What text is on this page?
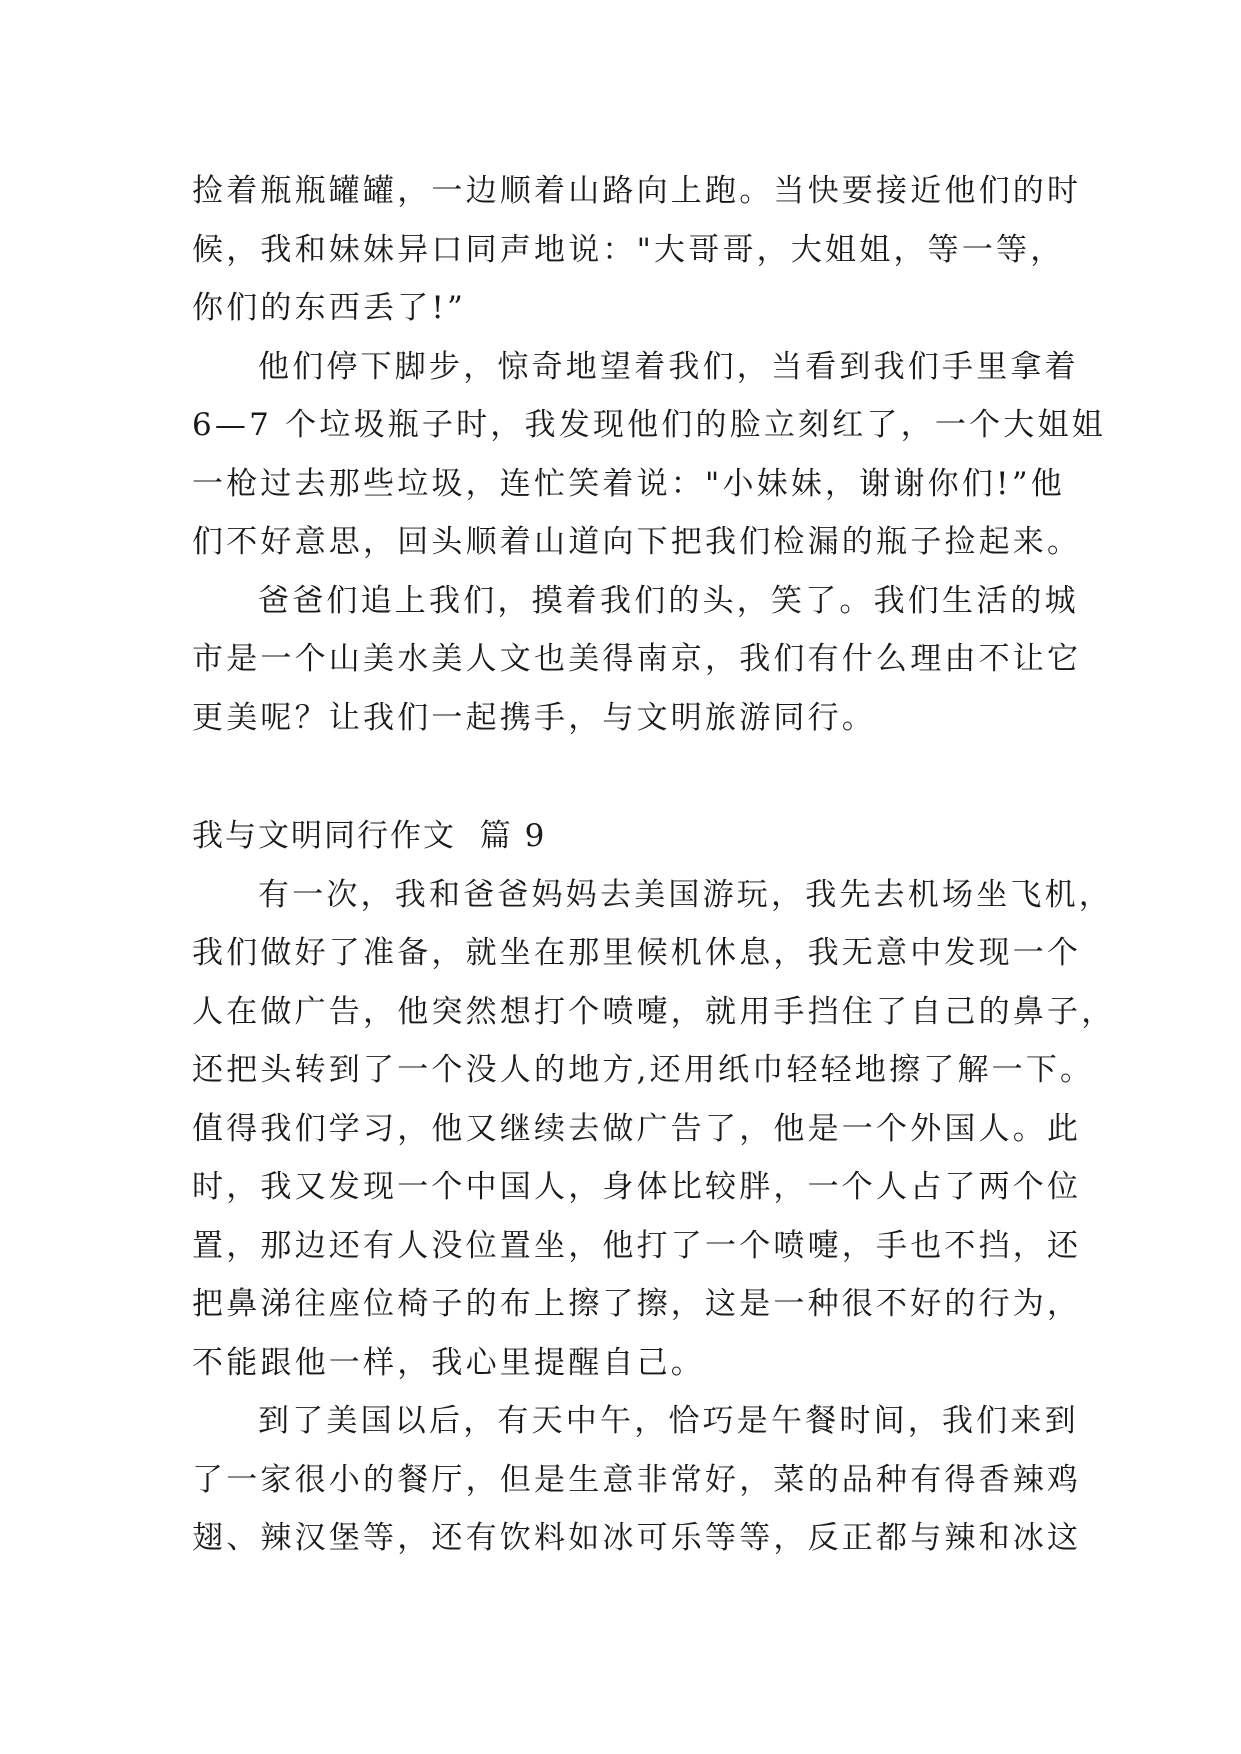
捡着瓶瓶罐罐，一边顺着山路向上跑。当快要接近他们的时
候，我和妹妹异口同声地说："大哥哥，大姐姐，等一等，
你们的东西丢了!”
他们停下脚步，惊奇地望着我们，当看到我们手里拿着
6—7 个垃圾瓶子时，我发现他们的脸立刻红了，一个大姐姐
一枪过去那些垃圾，连忙笑着说："小妹妹，谢谢你们!”他
们不好意思，回头顺着山道向下把我们检漏的瓶子捡起来。
爸爸们追上我们，摸着我们的头，笑了。我们生活的城
市是一个山美水美人文也美得南京，我们有什么理由不让它
更美呢？让我们一起携手，与文明旅游同行。
我与文明同行作文 篇 9
有一次，我和爸爸妈妈去美国游玩，我先去机场坐飞机，
我们做好了准备，就坐在那里候机休息，我无意中发现一个
人在做广告，他突然想打个喷嚏，就用手挡住了自己的鼻子，
还把头转到了一个没人的地方,还用纸巾轻轻地擦了解一下。
值得我们学习，他又继续去做广告了，他是一个外国人。此
时，我又发现一个中国人，身体比较胖，一个人占了两个位
置，那边还有人没位置坐，他打了一个喷嚏，手也不挡，还
把鼻涕往座位椅子的布上擦了擦，这是一种很不好的行为，
不能跟他一样，我心里提醒自己。
到了美国以后，有天中午，恰巧是午餐时间，我们来到
了一家很小的餐厅，但是生意非常好，菜的品种有得香辣鸡
翅、辣汉堡等，还有饮料如冰可乐等等，反正都与辣和冰这
